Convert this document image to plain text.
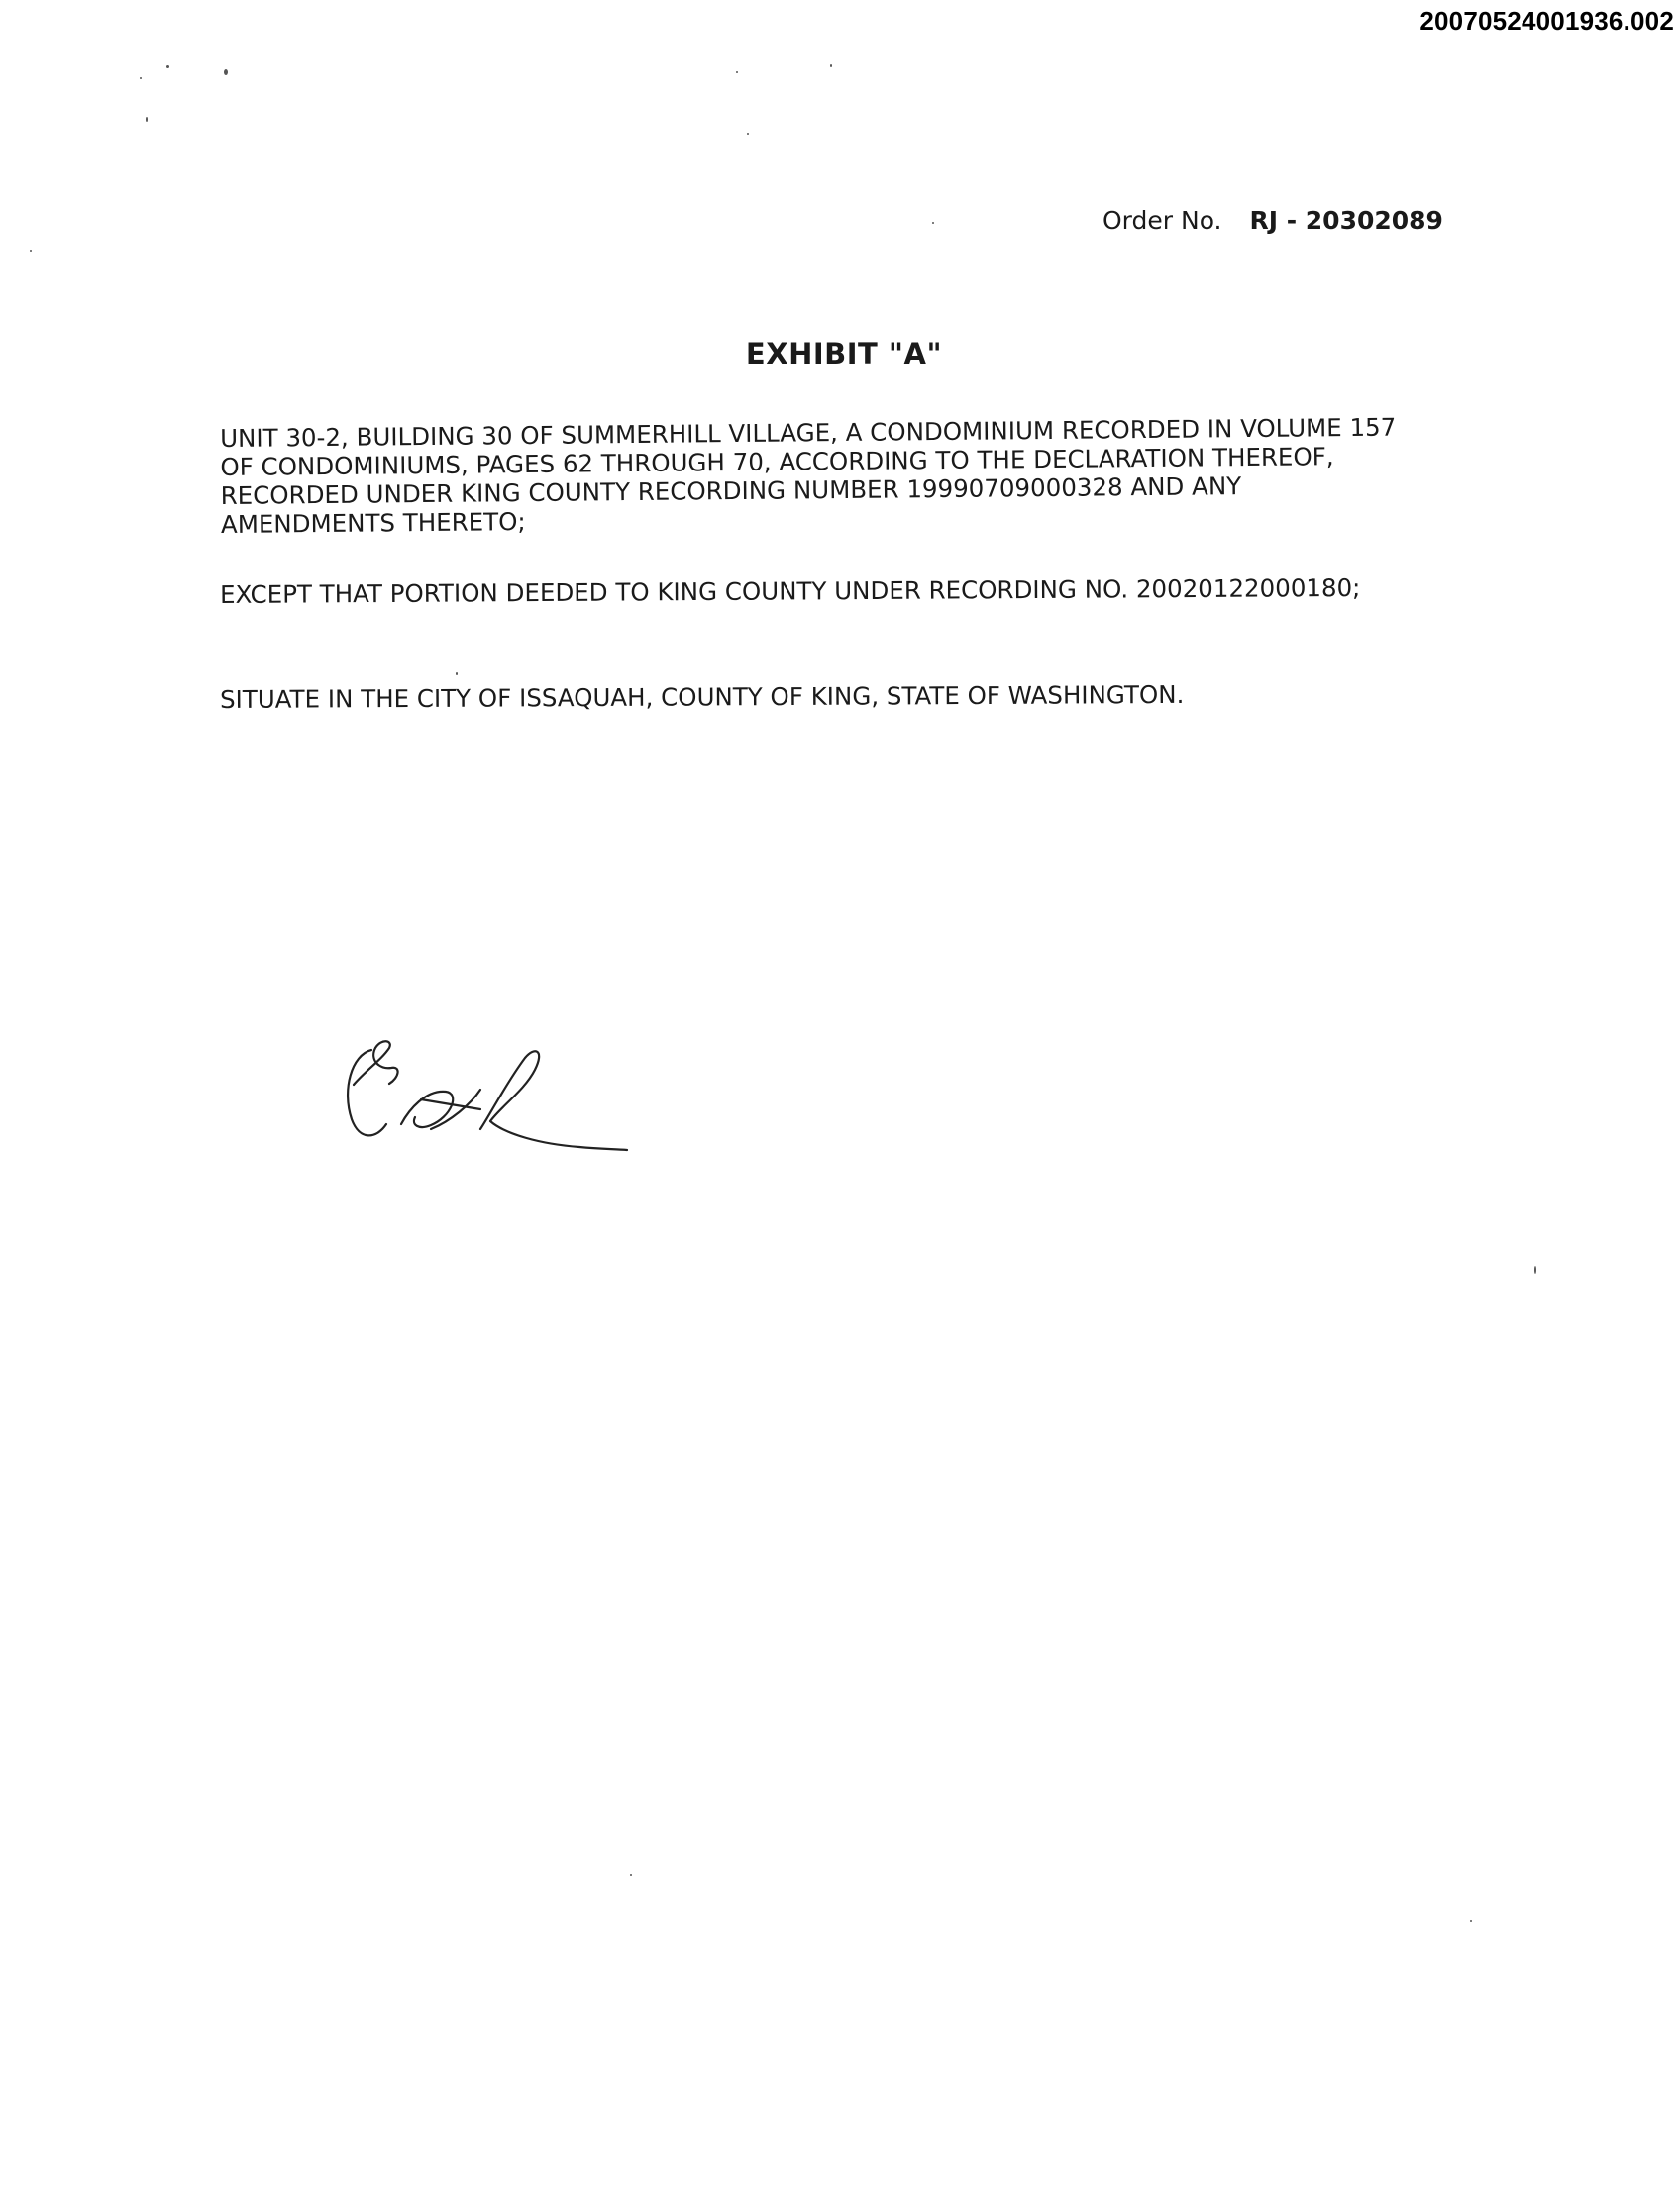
20070524001936.002
Order No. RJ - 20302089
EXHIBIT "A"
UNIT 30-2, BUILDING 30 OF SUMMERHILL VILLAGE, A CONDOMINIUM RECORDED IN VOLUME 157
OF CONDOMINIUMS, PAGES 62 THROUGH 70, ACCORDING TO THE DECLARATION THEREOF,
RECORDED UNDER KING COUNTY RECORDING NUMBER 19990709000328 AND ANY
AMENDMENTS THERETO;
EXCEPT THAT PORTION DEEDED TO KING COUNTY UNDER RECORDING NO. 20020122000180;
SITUATE IN THE CITY OF ISSAQUAH, COUNTY OF KING, STATE OF WASHINGTON.
